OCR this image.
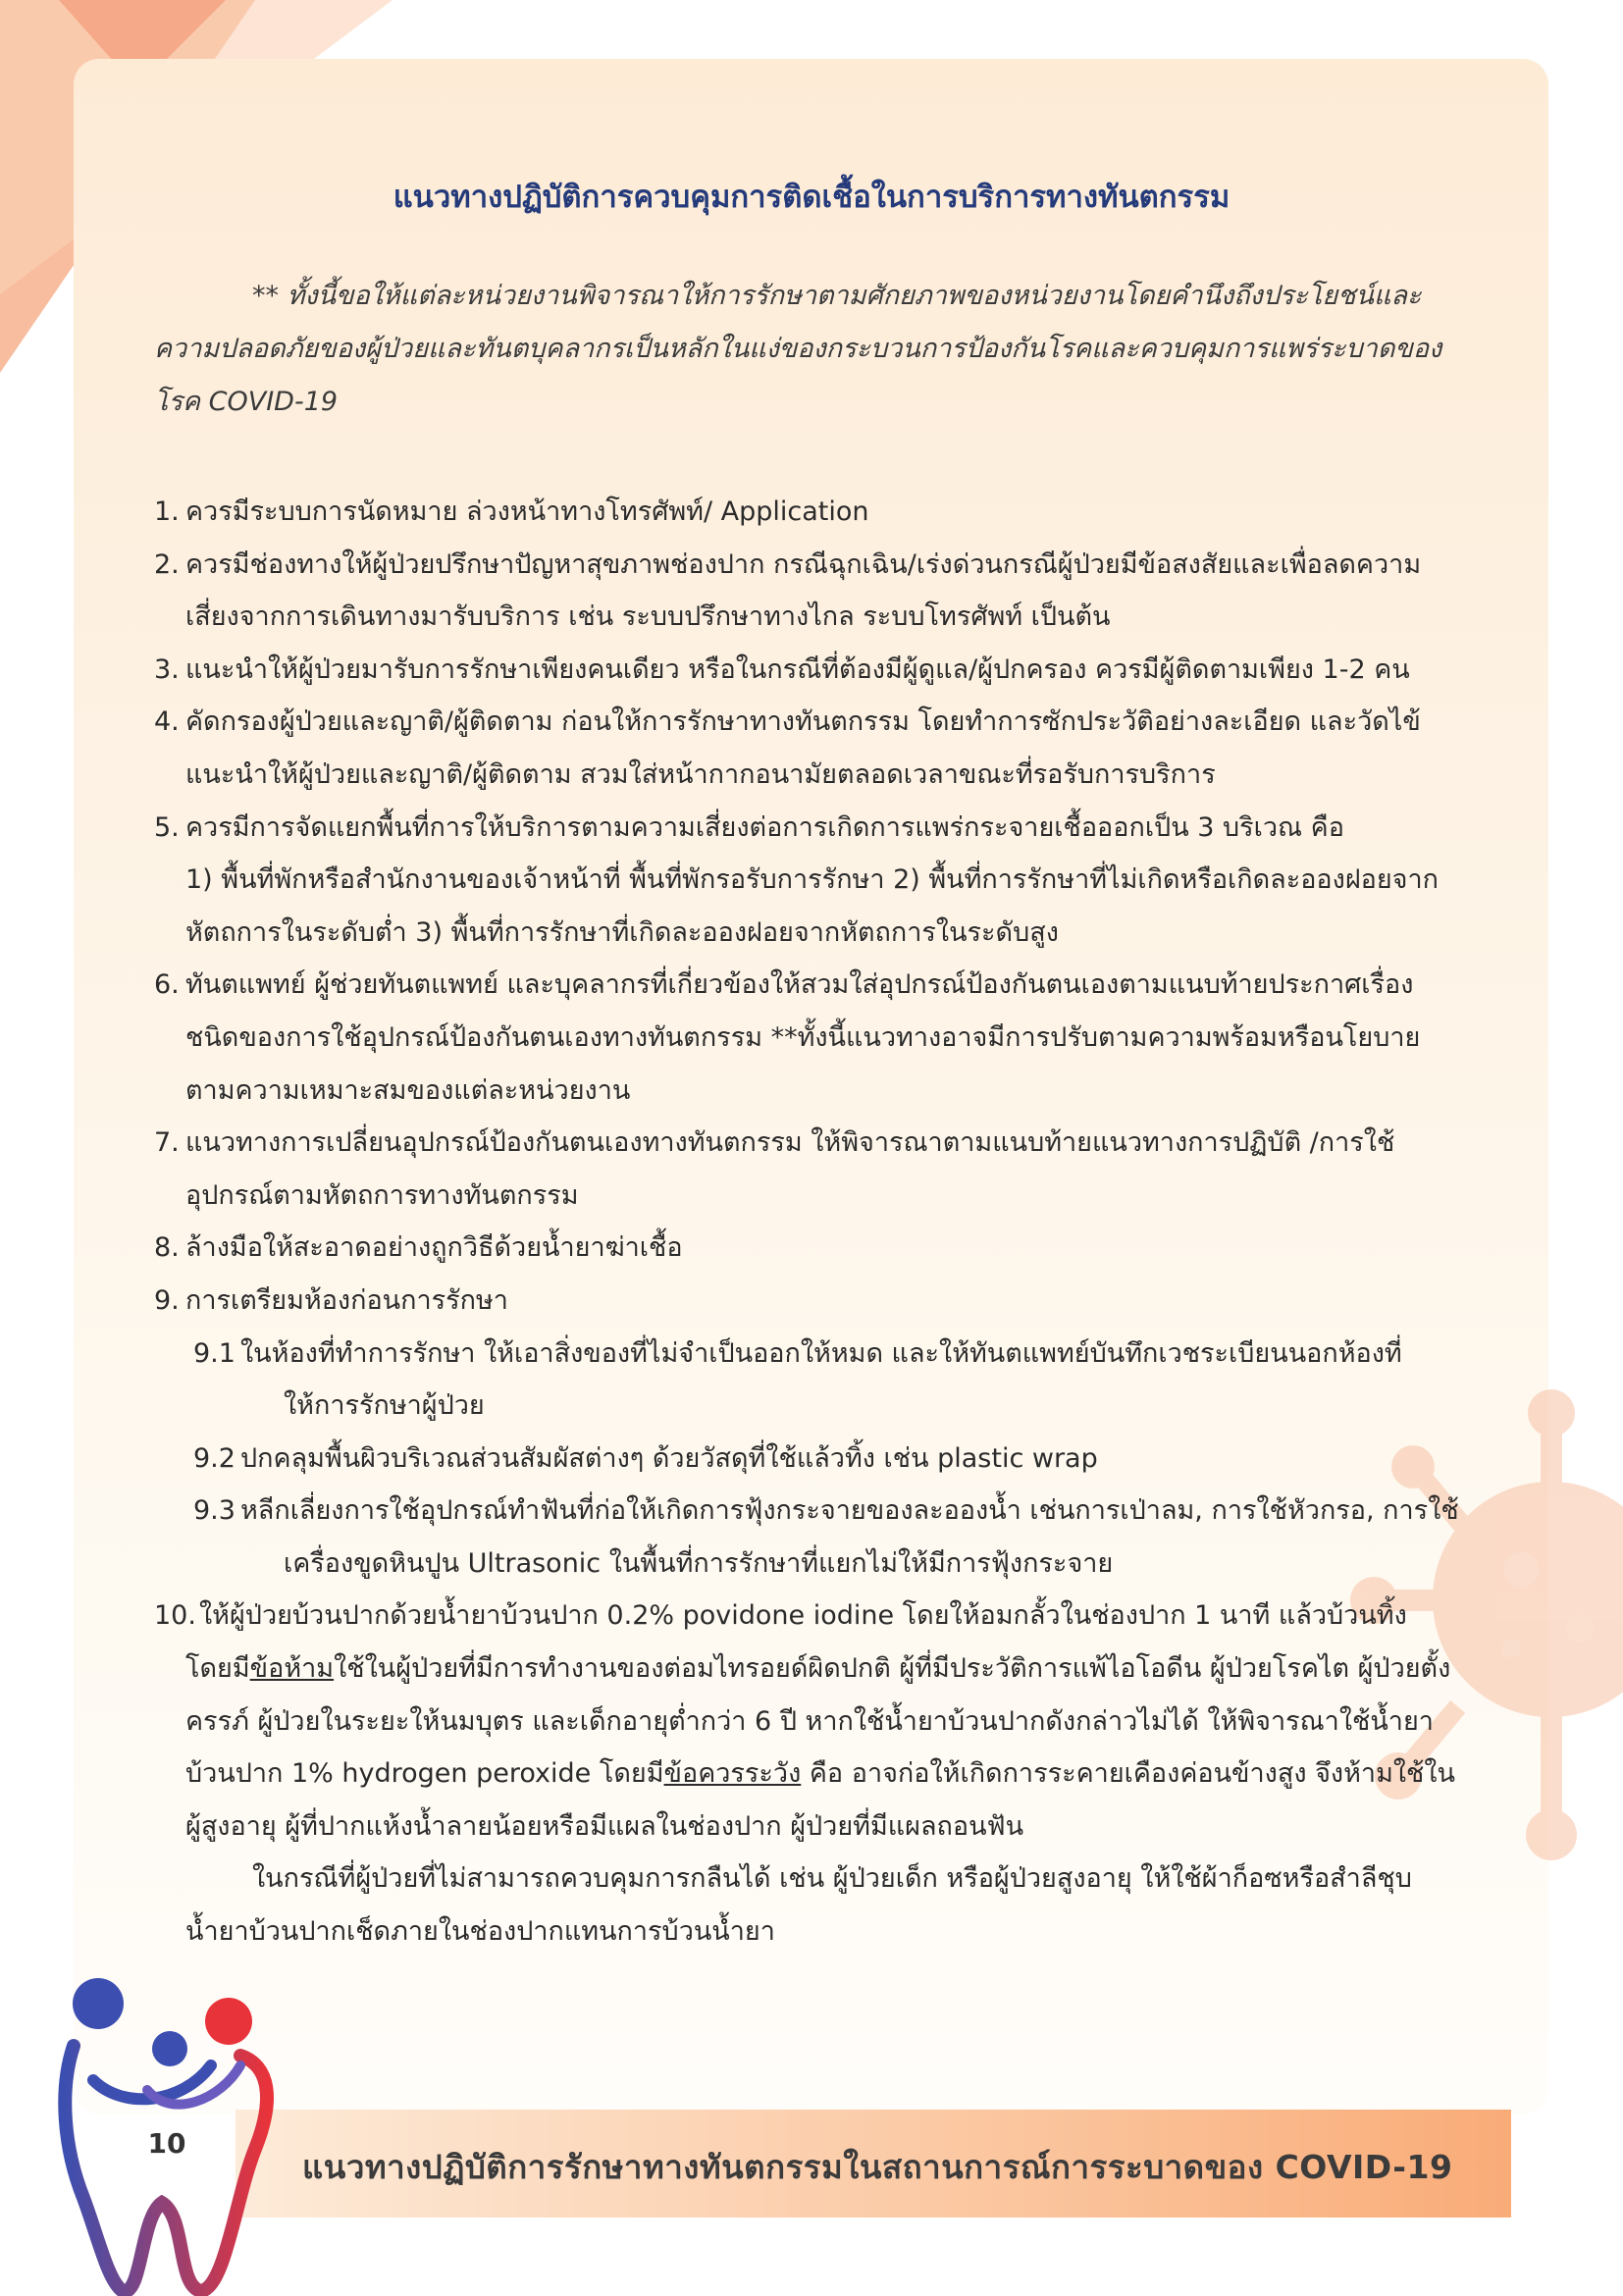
แนวทางปฏิบัติการควบคุมการติดเชื้อในการบริการทางทันตกรรม
** ทั้งนี้ขอให้แต่ละหน่วยงานพิจารณาให้การรักษาตามศักยภาพของหน่วยงานโดยคำนึงถึงประโยชน์และ
ความปลอดภัยของผู้ป่วยและทันตบุคลากรเป็นหลักในแง่ของกระบวนการป้องกันโรคและควบคุมการแพร่ระบาดของ
โรค COVID-19
1. ควรมีระบบการนัดหมาย ล่วงหน้าทางโทรศัพท์/ Application
2. ควรมีช่องทางให้ผู้ป่วยปรึกษาปัญหาสุขภาพช่องปาก กรณีฉุกเฉิน/เร่งด่วนกรณีผู้ป่วยมีข้อสงสัยและเพื่อลดความ
เสี่ยงจากการเดินทางมารับบริการ เช่น ระบบปรึกษาทางไกล ระบบโทรศัพท์ เป็นต้น
3. แนะนำให้ผู้ป่วยมารับการรักษาเพียงคนเดียว หรือในกรณีที่ต้องมีผู้ดูแล/ผู้ปกครอง ควรมีผู้ติดตามเพียง 1-2 คน
4. คัดกรองผู้ป่วยและญาติ/ผู้ติดตาม ก่อนให้การรักษาทางทันตกรรม โดยทำการซักประวัติอย่างละเอียด และวัดไข้
แนะนำให้ผู้ป่วยและญาติ/ผู้ติดตาม สวมใส่หน้ากากอนามัยตลอดเวลาขณะที่รอรับการบริการ
5. ควรมีการจัดแยกพื้นที่การให้บริการตามความเสี่ยงต่อการเกิดการแพร่กระจายเชื้อออกเป็น 3 บริเวณ คือ
1) พื้นที่พักหรือสำนักงานของเจ้าหน้าที่ พื้นที่พักรอรับการรักษา 2) พื้นที่การรักษาที่ไม่เกิดหรือเกิดละอองฝอยจาก
หัตถการในระดับต่ำ 3) พื้นที่การรักษาที่เกิดละอองฝอยจากหัตถการในระดับสูง
6. ทันตแพทย์ ผู้ช่วยทันตแพทย์ และบุคลากรที่เกี่ยวข้องให้สวมใส่อุปกรณ์ป้องกันตนเองตามแนบท้ายประกาศเรื่อง
ชนิดของการใช้อุปกรณ์ป้องกันตนเองทางทันตกรรม **ทั้งนี้แนวทางอาจมีการปรับตามความพร้อมหรือนโยบาย
ตามความเหมาะสมของแต่ละหน่วยงาน
7. แนวทางการเปลี่ยนอุปกรณ์ป้องกันตนเองทางทันตกรรม ให้พิจารณาตามแนบท้ายแนวทางการปฏิบัติ /การใช้
อุปกรณ์ตามหัตถการทางทันตกรรม
8. ล้างมือให้สะอาดอย่างถูกวิธีด้วยน้ำยาฆ่าเชื้อ
9. การเตรียมห้องก่อนการรักษา
9.1 ในห้องที่ทำการรักษา ให้เอาสิ่งของที่ไม่จำเป็นออกให้หมด และให้ทันตแพทย์บันทึกเวชระเบียนนอกห้องที่
ให้การรักษาผู้ป่วย
9.2 ปกคลุมพื้นผิวบริเวณส่วนสัมผัสต่างๆ ด้วยวัสดุที่ใช้แล้วทิ้ง เช่น plastic wrap
9.3 หลีกเลี่ยงการใช้อุปกรณ์ทำฟันที่ก่อให้เกิดการฟุ้งกระจายของละอองน้ำ เช่นการเป่าลม, การใช้หัวกรอ, การใช้
เครื่องขูดหินปูน Ultrasonic ในพื้นที่การรักษาที่แยกไม่ให้มีการฟุ้งกระจาย
10. ให้ผู้ป่วยบ้วนปากด้วยน้ำยาบ้วนปาก 0.2% povidone iodine โดยให้อมกลั้วในช่องปาก 1 นาที แล้วบ้วนทิ้ง
โดยมีข้อห้ามใช้ในผู้ป่วยที่มีการทำงานของต่อมไทรอยด์ผิดปกติ ผู้ที่มีประวัติการแพ้ไอโอดีน ผู้ป่วยโรคไต ผู้ป่วยตั้ง
ครรภ์ ผู้ป่วยในระยะให้นมบุตร และเด็กอายุต่ำกว่า 6 ปี หากใช้น้ำยาบ้วนปากดังกล่าวไม่ได้ ให้พิจารณาใช้น้ำยา
บ้วนปาก 1% hydrogen peroxide โดยมีข้อควรระวัง คือ อาจก่อให้เกิดการระคายเคืองค่อนข้างสูง จึงห้ามใช้ใน
ผู้สูงอายุ ผู้ที่ปากแห้งน้ำลายน้อยหรือมีแผลในช่องปาก ผู้ป่วยที่มีแผลถอนฟัน
ในกรณีที่ผู้ป่วยที่ไม่สามารถควบคุมการกลืนได้ เช่น ผู้ป่วยเด็ก หรือผู้ป่วยสูงอายุ ให้ใช้ผ้าก็อซหรือสำลีชุบ
น้ำยาบ้วนปากเช็ดภายในช่องปากแทนการบ้วนน้ำยา
แนวทางปฏิบัติการรักษาทางทันตกรรมในสถานการณ์การระบาดของ COVID-19
10
